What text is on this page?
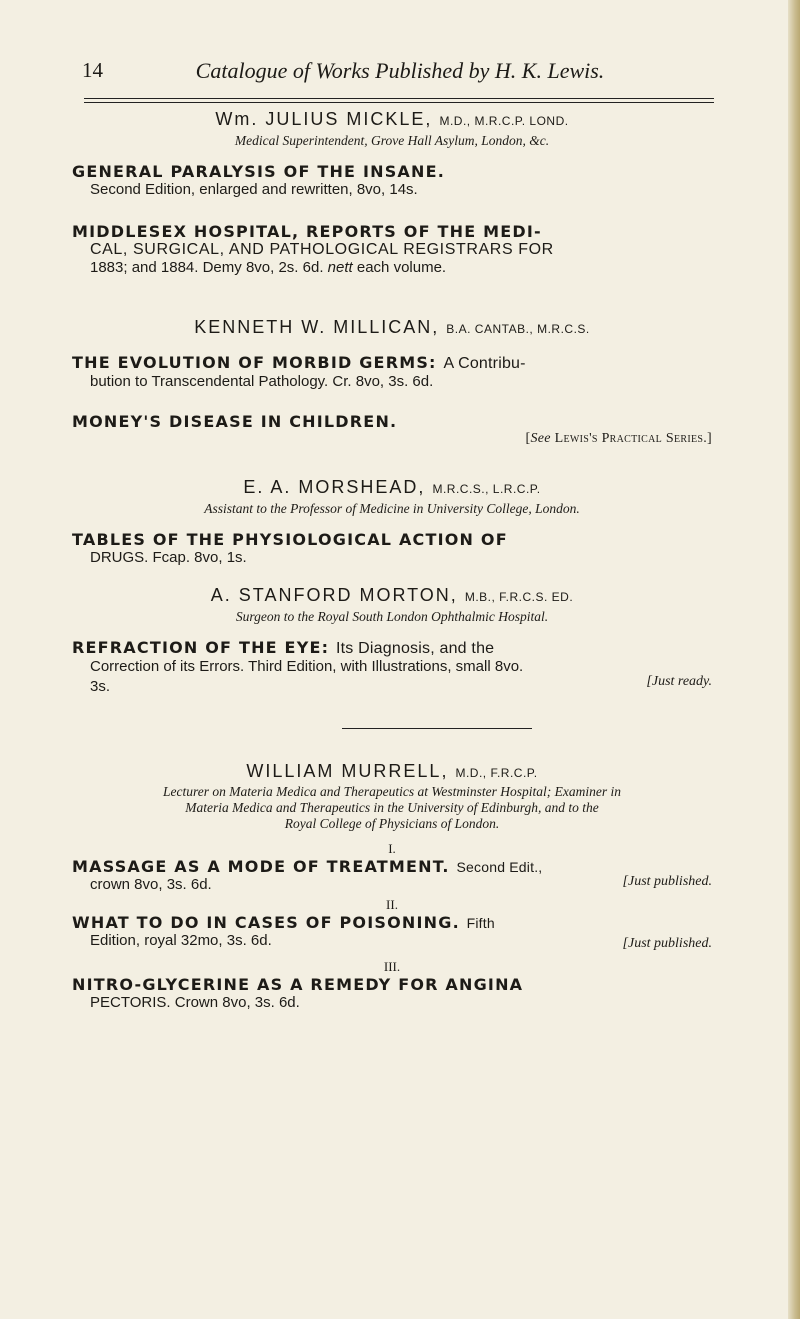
14	Catalogue of Works Published by H. K. Lewis.

Wm. JULIUS MICKLE, M.D., M.R.C.P. LOND.

Medical Superintendent, Grove Hall Asylum, London, &c.

GENERAL PARALYSIS OF THE INSANE.

Second Edition, enlarged and rewritten, 8vo, 14s.

MIDDLESEX HOSPITAL, REPORTS OF THE MEDI-

CAL, SURGICAL, AND PATHOLOGICAL REGISTRARS FOR

1883; and 1884. Demy 8vo, 2s. 6d. nett each volume.

KENNETH W. MILLICAN, B.A. CANTAB., M.R.C.S.

THE EVOLUTION OF MORBID GERMS: A Contribu-

bution to Transcendental Pathology. Cr. 8vo, 3s. 6d.

MONEY'S DISEASE IN CHILDREN.

[See Lewis's Practical Series.]

E. A. MORSHEAD, M.R.C.S., L.R.C.P.

Assistant to the Professor of Medicine in University College, London.

TABLES OF THE PHYSIOLOGICAL ACTION OF

DRUGS. Fcap. 8vo, 1s.

A. STANFORD MORTON, M.B., F.R.C.S. ED.

Surgeon to the Royal South London Ophthalmic Hospital.

REFRACTION OF THE EYE: Its Diagnosis, and the

Correction of its Errors. Third Edition, with Illustrations, small 8vo.

3s.	[Just ready.

WILLIAM MURRELL, M.D., F.R.C.P.

Lecturer on Materia Medica and Therapeutics at Westminster Hospital; Examiner in

Materia Medica and Therapeutics in the University of Edinburgh, and to the

Royal College of Physicians of London.

I.

MASSAGE AS A MODE OF TREATMENT. Second Edit.,

crown 8vo, 3s. 6d.	[Just published.
II.

WHAT TO DO IN CASES OF POISONING. Fifth

Edition, royal 32mo, 3s. 6d.	[Just published.
III.

NITRO-GLYCERINE AS A REMEDY FOR ANGINA

PECTORIS. Crown 8vo, 3s. 6d.
